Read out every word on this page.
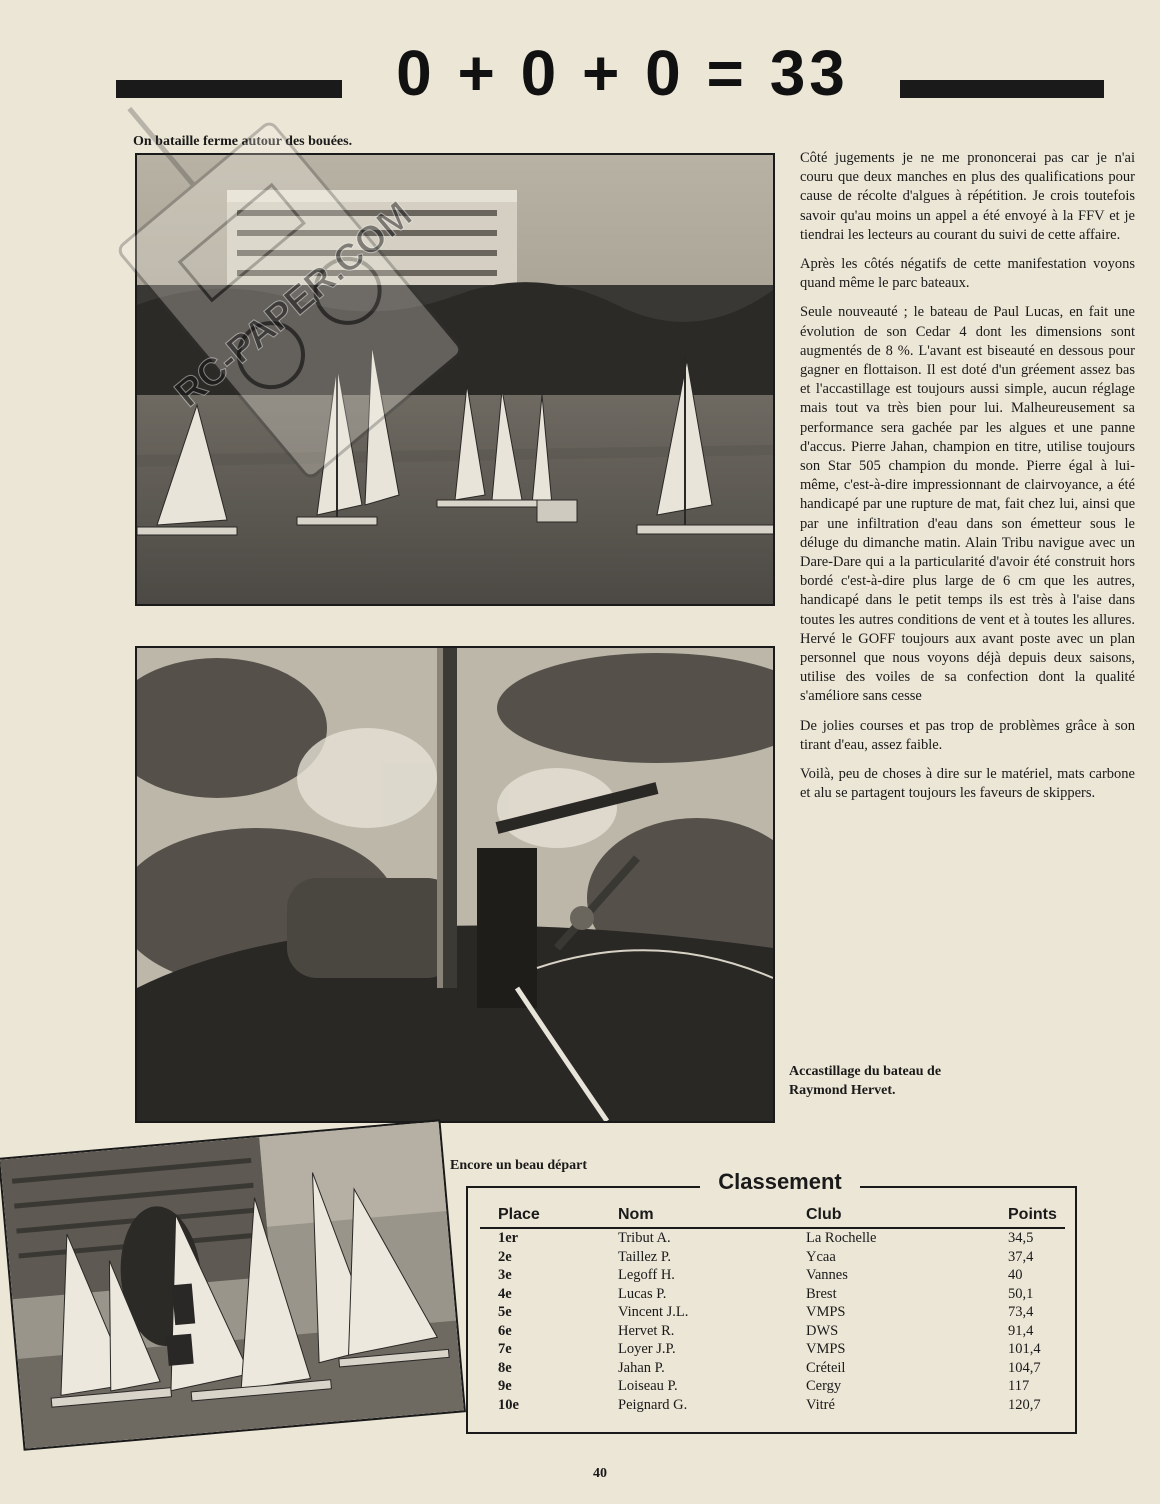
0 + 0 + 0 = 33
On bataille ferme autour des bouées.
Accastillage du bateau de Raymond Hervet.
Encore un beau départ

Côté jugements je ne me prononcerai pas car je n'ai couru que deux manches en plus des qualifications pour cause de récolte d'algues à répétition. Je crois toutefois savoir qu'au moins un appel a été envoyé à la FFV et je tiendrai les lecteurs au courant du suivi de cette affaire.

Après les côtés négatifs de cette manifestation voyons quand même le parc bateaux.

Seule nouveauté ; le bateau de Paul Lucas, en fait une évolution de son Cedar 4 dont les dimensions sont augmentés de 8 %. L'avant est biseauté en dessous pour gagner en flottaison. Il est doté d'un gréement assez bas et l'accastillage est toujours aussi simple, aucun réglage mais tout va très bien pour lui. Malheureusement sa performance sera gachée par les algues et une panne d'accus. Pierre Jahan, champion en titre, utilise toujours son Star 505 champion du monde. Pierre égal à lui-même, c'est-à-dire impressionnant de clairvoyance, a été handicapé par une rupture de mat, fait chez lui, ainsi que par une infiltration d'eau dans son émetteur sous le déluge du dimanche matin. Alain Tribu navigue avec un Dare-Dare qui a la particularité d'avoir été construit hors bordé c'est-à-dire plus large de 6 cm que les autres, handicapé dans le petit temps ils est très à l'aise dans toutes les autres conditions de vent et à toutes les allures. Hervé le GOFF toujours aux avant poste avec un plan personnel que nous voyons déjà depuis deux saisons, utilise des voiles de sa confection dont la qualité s'améliore sans cesse

De jolies courses et pas trop de problèmes grâce à son tirant d'eau, assez faible.

Voilà, peu de choses à dire sur le matériel, mats carbone et alu se partagent toujours les faveurs de skippers.

Classement
Place	Nom	Club	Points
1er	Tribut A.	La Rochelle	34,5
2e	Taillez P.	Ycaa	37,4
3e	Legoff H.	Vannes	40
4e	Lucas P.	Brest	50,1
5e	Vincent J.L.	VMPS	73,4
6e	Hervet R.	DWS	91,4
7e	Loyer J.P.	VMPS	101,4
8e	Jahan P.	Créteil	104,7
9e	Loiseau P.	Cergy	117
10e	Peignard G.	Vitré	120,7
RC-PAPER.COM
40
